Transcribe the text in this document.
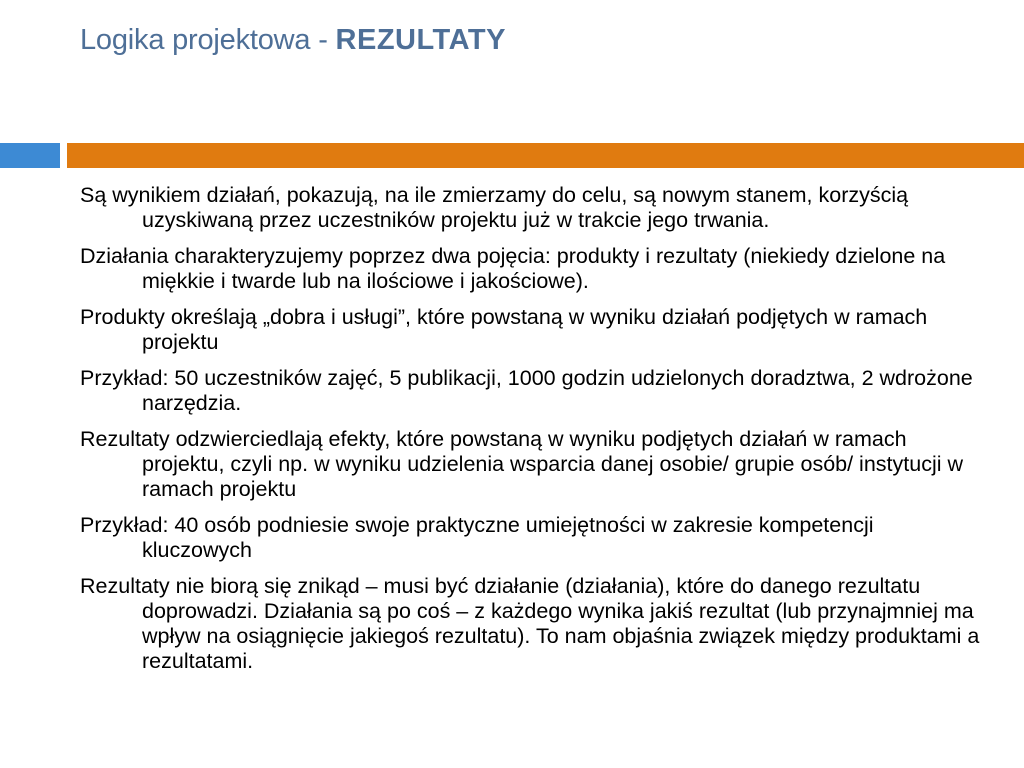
Logika projektowa - REZULTATY
Są wynikiem działań, pokazują, na ile zmierzamy do celu, są nowym stanem, korzyścią uzyskiwaną przez uczestników projektu już w trakcie jego trwania.
Działania charakteryzujemy poprzez dwa pojęcia: produkty i rezultaty (niekiedy dzielone na miękkie i twarde lub na ilościowe i jakościowe).
Produkty określają „dobra i usługi”, które powstaną w wyniku działań podjętych w ramach projektu
Przykład: 50 uczestników zajęć, 5 publikacji, 1000 godzin udzielonych doradztwa, 2 wdrożone narzędzia.
Rezultaty odzwierciedlają efekty, które powstaną w wyniku podjętych działań w ramach projektu, czyli np. w wyniku udzielenia wsparcia danej osobie/ grupie osób/ instytucji w ramach projektu
Przykład: 40 osób podniesie swoje praktyczne umiejętności w zakresie kompetencji kluczowych
Rezultaty nie biorą się znikąd – musi być działanie (działania), które do danego rezultatu doprowadzi. Działania są po coś – z każdego wynika jakiś rezultat (lub przynajmniej ma wpływ na osiągnięcie jakiegoś rezultatu). To nam objaśnia związek między produktami a rezultatami.
